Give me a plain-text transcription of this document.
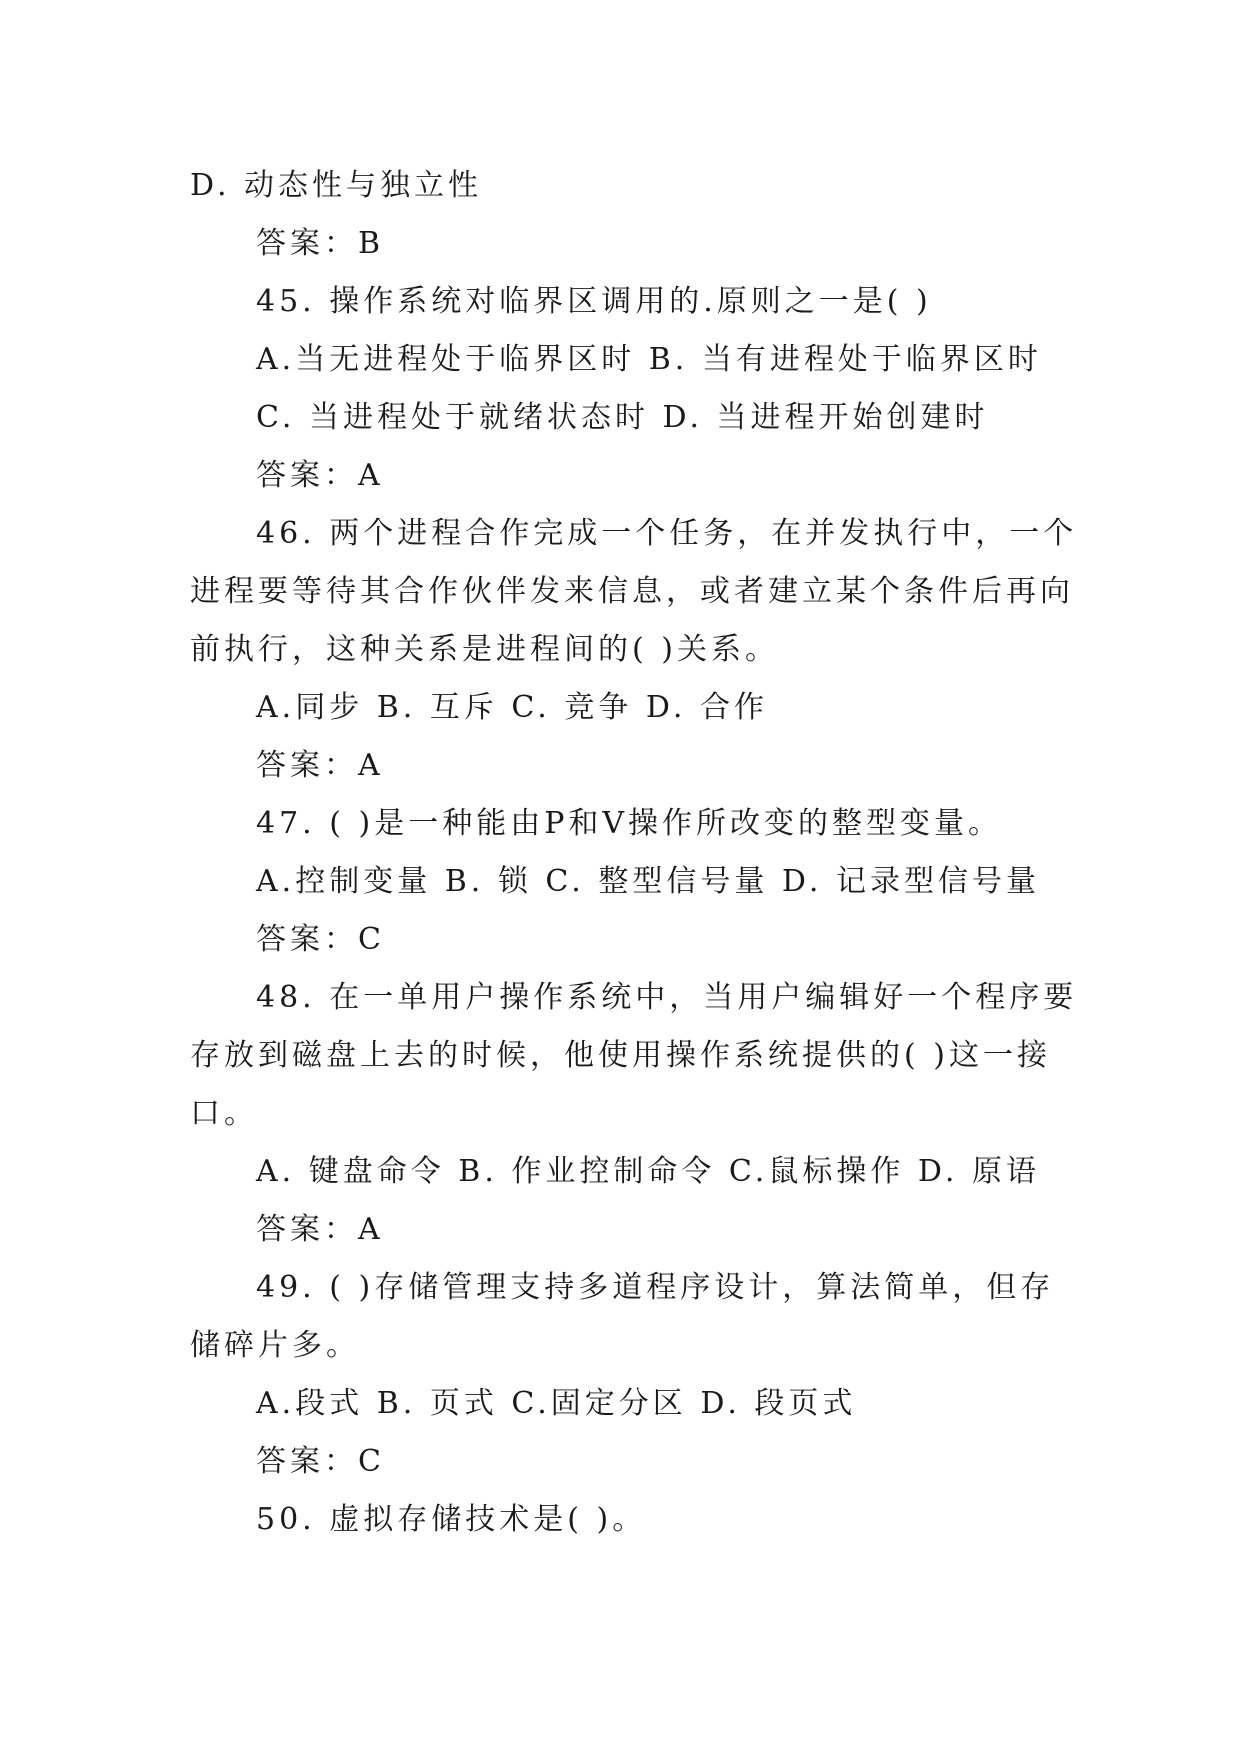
D. 动态性与独立性
答案：B
45. 操作系统对临界区调用的.原则之一是( )
A.当无进程处于临界区时 B. 当有进程处于临界区时
C. 当进程处于就绪状态时 D. 当进程开始创建时
答案：A
46. 两个进程合作完成一个任务，在并发执行中，一个
进程要等待其合作伙伴发来信息，或者建立某个条件后再向
前执行，这种关系是进程间的( )关系。
A.同步 B. 互斥 C. 竞争 D. 合作
答案：A
47. ( )是一种能由P和V操作所改变的整型变量。
A.控制变量 B. 锁 C. 整型信号量 D. 记录型信号量
答案：C
48. 在一单用户操作系统中，当用户编辑好一个程序要
存放到磁盘上去的时候，他使用操作系统提供的( )这一接
口。
A. 键盘命令 B. 作业控制命令 C.鼠标操作 D. 原语
答案：A
49. ( )存储管理支持多道程序设计，算法简单，但存
储碎片多。
A.段式 B. 页式 C.固定分区 D. 段页式
答案：C
50. 虚拟存储技术是( )。
